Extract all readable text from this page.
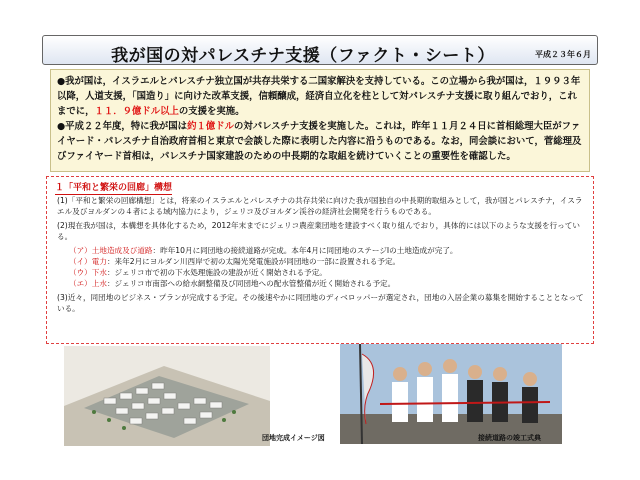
我が国の対パレスチナ支援（ファクト・シート）	平成２３年６月

●我が国は，イスラエルとパレスチナ独立国が共存共栄する二国家解決を支持している。この立場から我が国は，１９９３年以降，人道支援，「国造り」に向けた改革支援，信頼醸成，経済自立化を柱として対パレスチナ支援に取り組んでおり，これまでに，１１．９億ドル以上の支援を実施。

●平成２２年度，特に我が国は約１億ドルの対パレスチナ支援を実施した。これは，昨年１１月２４日に首相総理大臣がファイヤード・パレスチナ自治政府首相と東京で会談した際に表明した内容に沿うものである。なお，同会談において，菅総理及びファイヤード首相は，パレスチナ国家建設のための中長期的な取組を続けていくことの重要性を確認した。

１「平和と繁栄の回廊」構想
(1)「平和と繁栄の回廊構想」とは，将来のイスラエルとパレスチナの共存共栄に向けた我が国独自の中長期的取組みとして，我が国とパレスチナ，イスラエル及びヨルダンの４者による域内協力により，ジェリコ及びヨルダン渓谷の経済社会開発を行うものである。
(2)現在我が国は，本構想を具体化するため，2012年末までにジェリコ農産業団地を建設すべく取り組んでおり，具体的には以下のような支援を行っている。
（ア）土地造成及び道路：昨年10月に同団地の接続道路が完成。本年4月に同団地のステージIの土地造成が完了。
（イ）電力：来年2月にヨルダン川西岸で初の太陽光発電施設が同団地の一部に設置される予定。
（ウ）下水：ジェリコ市で初の下水処理施設の建設が近く開始される予定。
（エ）上水：ジェリコ市南部への給水網整備及び同団地への配水管整備が近く開始される予定。
(3)近々，同団地のビジネス・プランが完成する予定。その後速やかに同団地のディベロッパーが選定され，団地の入居企業の募集を開始することとなっている。
団地完成イメージ図	接続道路の竣工式典
